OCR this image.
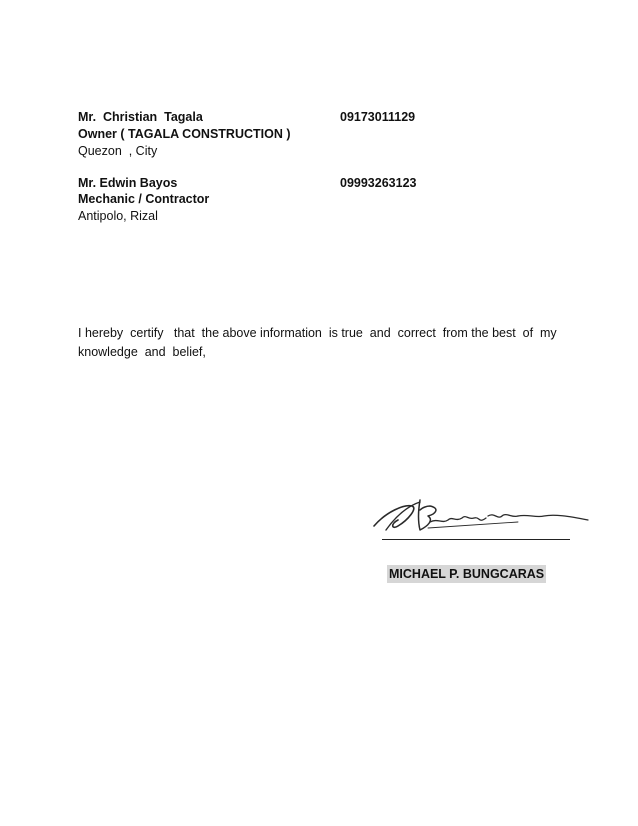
Mr.  Christian  Tagala	09173011129
Owner ( TAGALA CONSTRUCTION )
Quezon  , City
Mr. Edwin Bayos	09993263123
Mechanic / Contractor
Antipolo, Rizal
I hereby  certify   that  the above information  is true  and  correct  from the best  of  my
knowledge  and  belief,
MICHAEL P. BUNGCARAS
